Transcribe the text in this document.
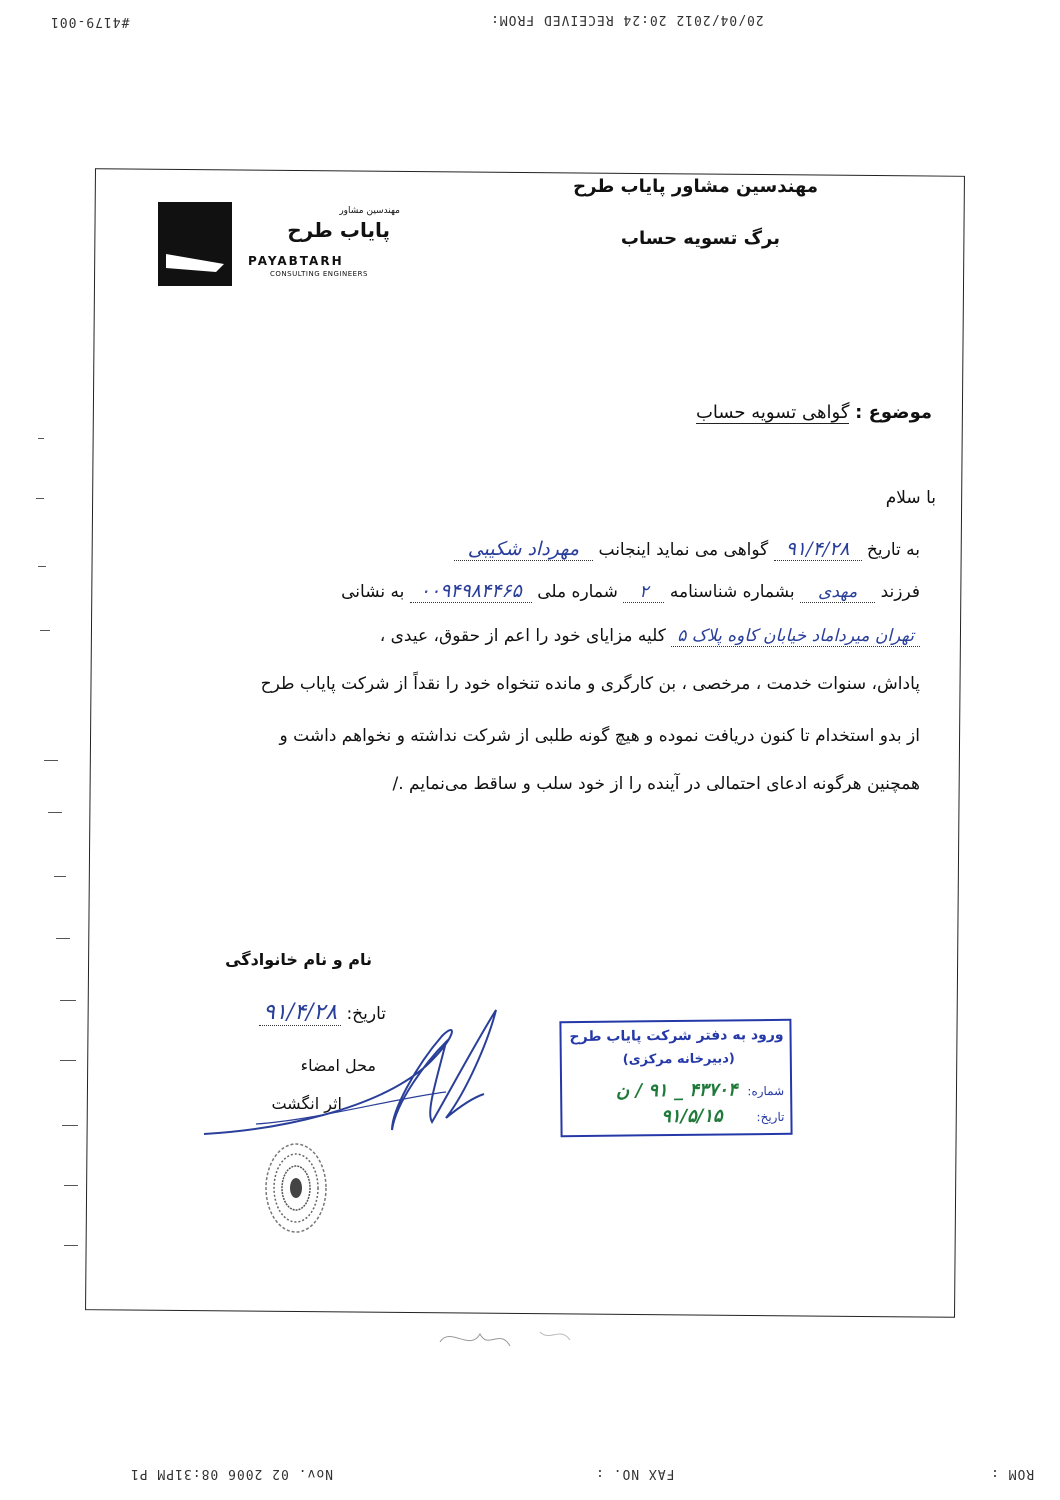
#4179-001	20/04/2012 20:24 RECEIVED FROM:
Nov. 02 2006 08:31PM P1	FAX NO. :	ROM :
مهندسین مشاور
پایاب طرح
PAYABTARH
CONSULTING ENGINEERS
مهندسین مشاور پایاب طرح
برگ تسویه حساب
موضوع : گواهی تسویه حساب
با سلام
به تاریخ ۹۱/۴/۲۸ گواهی می نماید اینجانب مهرداد شکیبی
فرزند مهدی بشماره شناسنامه ۲ شماره ملی ۰۰۹۴۹۸۴۴۶۵ به نشانی
تهران میرداماد خیابان کاوه پلاک ۵ کلیه مزایای خود را اعم از حقوق، عیدی ،
پاداش، سنوات خدمت ، مرخصی ، بن کارگری و مانده تنخواه خود را نقداً از شرکت پایاب طرح
از بدو استخدام تا کنون دریافت نموده و هیچ گونه طلبی از شرکت نداشته و نخواهم داشت و
همچنین هرگونه ادعای احتمالی در آینده را از خود سلب و ساقط می‌نمایم ./
نام و نام خانوادگی
تاریخ: ۹۱/۴/۲۸
محل امضاء
اثر انگشت
ورود به دفتر شرکت پایاب طرح
(دبیرخانه مرکزی)
شماره: ۴۳۷۰۴ _ ۹۱ / ن
تاریخ: ۹۱/۵/۱۵
